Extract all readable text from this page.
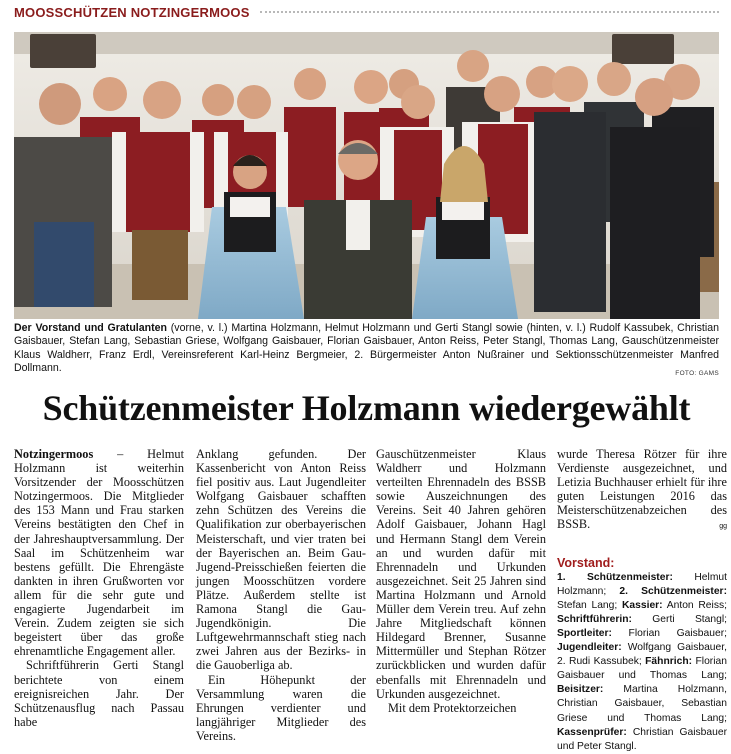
MOOSSCHÜTZEN NOTZINGERMOOS
Der Vorstand und Gratulanten (vorne, v. l.) Martina Holzmann, Helmut Holzmann und Gerti Stangl sowie (hinten, v. l.) Rudolf Kassubek, Christian Gaisbauer, Stefan Lang, Sebastian Griese, Wolfgang Gaisbauer, Florian Gaisbauer, Anton Reiss, Peter Stangl, Thomas Lang, Gauschützenmeister Klaus Waldherr, Franz Erdl, Vereinsreferent Karl-Heinz Bergmeier, 2. Bürgermeister Anton Nußrainer und Sektionsschützenmeister Manfred Dollmann.	FOTO: GAMS
Schützenmeister Holzmann wiedergewählt

Notzingermoos – Helmut Holzmann ist weiterhin Vorsitzender der Moosschützen Notzingermoos. Die Mitglieder des 153 Mann und Frau starken Vereins bestätigten den Chef in der Jahreshauptversammlung. Der Saal im Schützenheim war bestens gefüllt. Die Ehrengäste dankten in ihren Grußworten vor allem für die sehr gute und engagierte Jugendarbeit im Verein. Zudem zeigten sie sich begeistert über das große ehrenamtliche Engagement aller.

Schriftführerin Gerti Stangl berichtete von einem ereignisreichen Jahr. Der Schützenausflug nach Passau habe

Anklang gefunden. Der Kassenbericht von Anton Reiss fiel positiv aus. Laut Jugendleiter Wolfgang Gaisbauer schafften zehn Schützen des Vereins die Qualifikation zur oberbayerischen Meisterschaft, und vier traten bei der Bayerischen an. Beim Gau-Jugend-Preisschießen feierten die jungen Moosschützen vordere Plätze. Außerdem stellte ist Ramona Stangl die Gau-Jugendkönigin. Die Luftgewehrmannschaft stieg nach zwei Jahren aus der Bezirks- in die Gauoberliga ab.

Ein Höhepunkt der Versammlung waren die Ehrungen verdienter und langjähriger Mitglieder des Vereins.

Gauschützenmeister Klaus Waldherr und Holzmann verteilten Ehrennadeln des BSSB sowie Auszeichnungen des Vereins. Seit 40 Jahren gehören Adolf Gaisbauer, Johann Hagl und Hermann Stangl dem Verein an und wurden dafür mit Ehrennadeln und Urkunden ausgezeichnet. Seit 25 Jahren sind Martina Holzmann und Arnold Müller dem Verein treu. Auf zehn Jahre Mitgliedschaft können Hildegard Brenner, Susanne Mittermüller und Stephan Rötzer zurückblicken und wurden dafür ebenfalls mit Ehrennadeln und Urkunden ausgezeichnet.

Mit dem Protektorzeichen

wurde Theresa Rötzer für ihre Verdienste ausgezeichnet, und Letizia Buchhauser erhielt für ihre guten Leistungen 2016 das Meisterschützenabzeichen des BSSB.	gg

Vorstand:

1. Schützenmeister: Helmut Holzmann; 2. Schützenmeister: Stefan Lang; Kassier: Anton Reiss; Schriftführerin: Gerti Stangl; Sportleiter: Florian Gaisbauer; Jugendleiter: Wolfgang Gaisbauer, 2. Rudi Kassubek; Fähnrich: Florian Gaisbauer und Thomas Lang; Beisitzer: Martina Holzmann, Christian Gaisbauer, Sebastian Griese und Thomas Lang; Kassenprüfer: Christian Gaisbauer und Peter Stangl.
